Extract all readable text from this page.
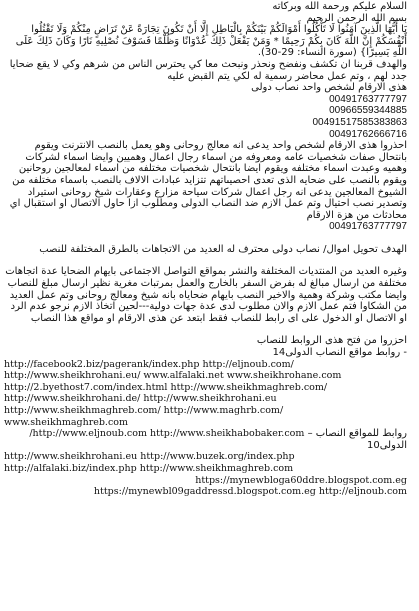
السلام عليكم ورحمة الله وبركاته
بسم الله الرحمن الرحيم
يَا أَيُّهَا الَّذِينَ آمَنُوا لَا تَأْكُلُوا أَمْوَالَكُمْ بَيْنَكُمْ بِالْبَاطِلِ إِلَّا أَنْ تَكُونَ تِجَارَةً عَنْ تَرَاضٍ مِنْكُمْ وَلَا تَقْتُلُوا أَنْفُسَكُمْ إِنَّ اللَّهَ كَانَ بِكُمْ رَحِيمًا * وَمَنْ يَفْعَلْ ذَلِكَ عُدْوَانًا وَظُلْمًا فَسَوْفَ نُصْلِيهِ نَارًا وَكَانَ ذَلِكَ عَلَى اللَّهِ يَسِيرًا} (سورة النساء: 29-30).
والهدف قربنا ان تكشف ونفضح ونحذر ونبحث معا كي يحترس الناس من شرهم وكي لا يقع ضحايا جدد لهم ، وتم عمل محاضر رسمية له لكي يتم القبض عليه
هذى الارقام لشخص واحد نصاب دولى
00491763777797
00966559344885
00491517585383863
00491762666716
احذروا هذى الارقام لشخص واحد يدعى انه معالج روحانى وهو يعمل بالنصب الانترنت ويقوم بانتحال صفات شخصيات عامه ومعروفه من اسماء رجال اعمال وهميين وايضا اسماء لشركات وهميه وعبدت اسماء مختلفه ويقوم ايضا بانتحال شخصيات مختلفه من اسماء لمعالجين روحانين ويقوم بالنصب على ضحايه الذى تعدى احصيىاتهم تتزايد عبادات الالاف بالنصب باسماء مختلفه من الشيوخ المعالجين يدعى انه رجل اعمال شركات سياحة مزارع وعقارات شيخ روحانى استيراد وتصدير نصب احتيال وتم عمل الازم ضد النصاب الدولى ومطلوب ازا حاول الاتصال او استقبال اي محادثات من هزة الارقام
00491763777797
الهدف تحويل اموال/ نصاب دولى محترف له العديد من الاتجاهات بالطرق المختلفة للنصب
وغيره العديد من المنتديات المختلفة والنشر بمواقع التواصل الاجتماعى بايهام الضحايا عدة اتجاهات مختلفة من ارسال مبالغ له بفرض السفر بالخارج والعمل بمرتبات مغرية نظير ارسال مبلغ للنصاب وايضا مكتب وشركة وهمية والاخير النصب بايهام ضحاياه بانه شيخ ومعالج روحانى وتم عمل العديد من الشكاوا فتم عمل الازم والان مطلوب لدى عدة جهات دولية---لحين اتخاذ الازم نرجو عدم الرد او الاتصال او الدخول على اى رابط للنصاب فقط ابتعد عن هذى الارقام او مواقع هذا النصاب
احزروا من فتح هذى الروابط للنصاب
- روابط مواقع النصاب الدولى14
http://facebook2.biz/pagerank/index.php http://eljnoub.com/
http://www.sheikhrohani.eu/ www.alfalaki.net www.sheikhrohane.com
http://2.byethost7.com/index.html http://www.sheikhmaghreb.com/
http://www.sheikhrohani.de/ http://www.sheikhrohani.eu
http://www.sheikhmaghreb.com/ http://www.maghrb.com/ www.sheikhmaghreb.com
روابط للمواقع النصاب – http://www.eljnoub.com http://www.sheikhabobaker.com/
الدولى10
http://www.sheikhrohani.eu http://www.buzek.org/index.php
http://alfalaki.biz/index.php http://www.sheikhmaghreb.com
https://mynewbloga60ddre.blogspot.com.eg
https://mynewbl09gaddressd.blogspot.com.eg http://eljnoub.com
